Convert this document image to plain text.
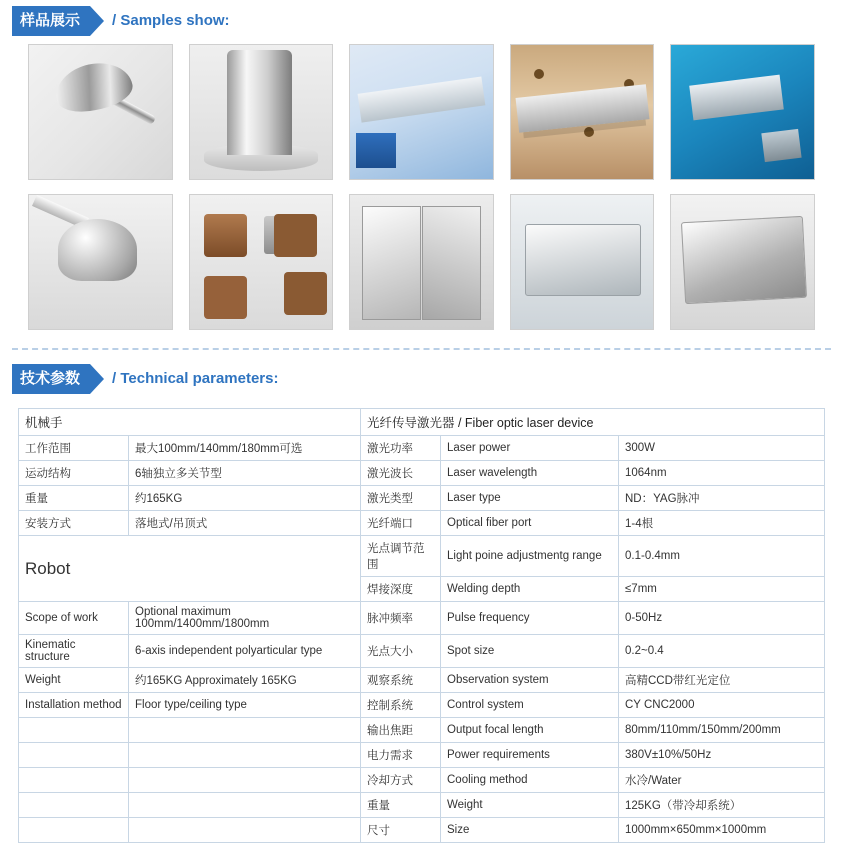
样品展示	/ Samples show:
技术参数	/ Technical parameters:
机械手		光纤传导激光器 / Fiber optic laser device		
工作范围	最大100mm/140mm/180mm可选	激光功率	Laser power	300W
运动结构	6轴独立多关节型	激光波长	Laser wavelength	1064nm
重量	约165KG	激光类型	Laser type	ND：YAG脉冲
安装方式	落地式/吊顶式	光纤端口	Optical fiber port	1-4根
Robot		光点调节范围	Light poine adjustmentg range	0.1-0.4mm
		焊接深度	Welding depth	≤7mm
Scope of work	Optional maximum 100mm/1400mm/1800mm	脉冲频率	Pulse frequency	0-50Hz
Kinematic structure	6-axis independent polyarticular type	光点大小	Spot size	0.2~0.4
Weight	约165KG Approximately 165KG	观察系统	Observation system	高精CCD带红光定位
Installation method	Floor type/ceiling type	控制系统	Control system	CY CNC2000
		输出焦距	Output focal length	80mm/110mm/150mm/200mm
		电力需求	Power requirements	380V±10%/50Hz
		冷却方式	Cooling method	水冷/Water
		重量	Weight	125KG（带冷却系统）
		尺寸	Size	1000mm×650mm×1000mm
